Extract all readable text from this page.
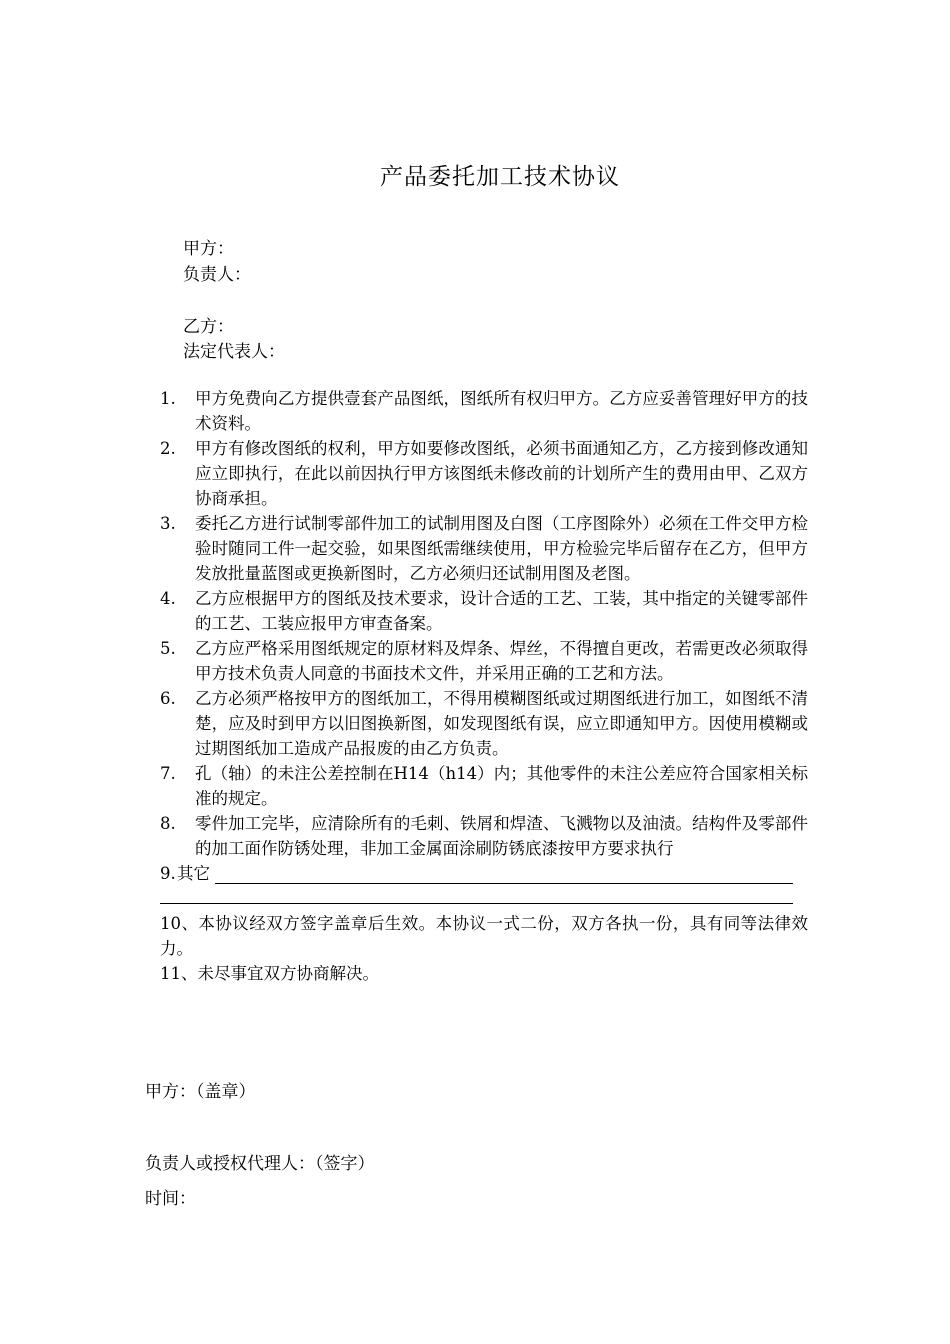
产品委托加工技术协议
甲方：
负责人：
乙方：
法定代表人：
1. 甲方免费向乙方提供壹套产品图纸，图纸所有权归甲方。乙方应妥善管理好甲方的技术资料。
2. 甲方有修改图纸的权利，甲方如要修改图纸，必须书面通知乙方，乙方接到修改通知应立即执行，在此以前因执行甲方该图纸未修改前的计划所产生的费用由甲、乙双方协商承担。
3. 委托乙方进行试制零部件加工的试制用图及白图（工序图除外）必须在工件交甲方检验时随同工件一起交验，如果图纸需继续使用，甲方检验完毕后留存在乙方，但甲方发放批量蓝图或更换新图时，乙方必须归还试制用图及老图。
4. 乙方应根据甲方的图纸及技术要求，设计合适的工艺、工装，其中指定的关键零部件的工艺、工装应报甲方审查备案。
5. 乙方应严格采用图纸规定的原材料及焊条、焊丝，不得擅自更改，若需更改必须取得甲方技术负责人同意的书面技术文件，并采用正确的工艺和方法。
6. 乙方必须严格按甲方的图纸加工，不得用模糊图纸或过期图纸进行加工，如图纸不清楚，应及时到甲方以旧图换新图，如发现图纸有误，应立即通知甲方。因使用模糊或过期图纸加工造成产品报废的由乙方负责。
7. 孔（轴）的未注公差控制在H14（h14）内；其他零件的未注公差应符合国家相关标准的规定。
8. 零件加工完毕，应清除所有的毛刺、铁屑和焊渣、飞溅物以及油渍。结构件及零部件的加工面作防锈处理，非加工金属面涂刷防锈底漆按甲方要求执行
9. 其它
10、本协议经双方签字盖章后生效。本协议一式二份，双方各执一份，具有同等法律效力。
11、未尽事宜双方协商解决。
甲方：（盖章）
负责人或授权代理人：（签字）
时间：
